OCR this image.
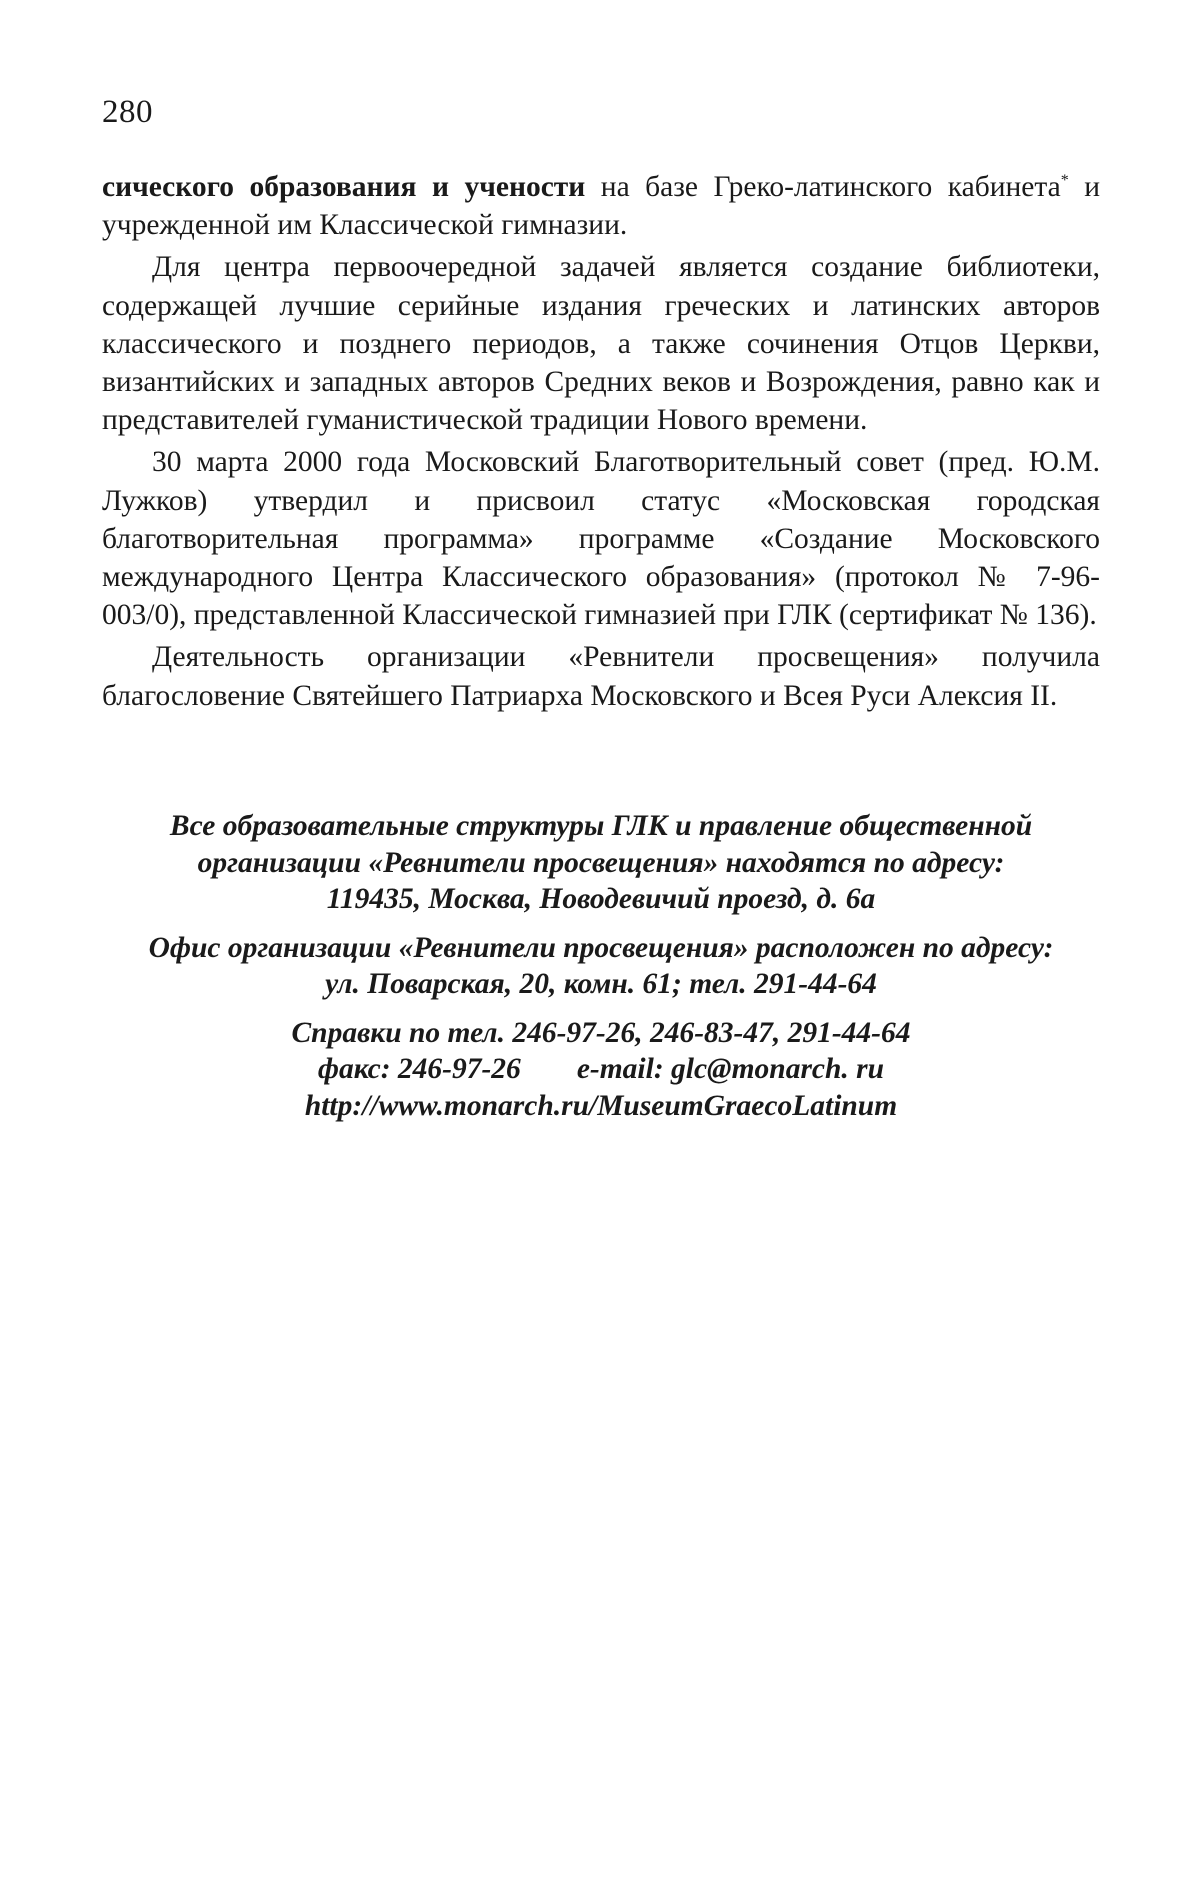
280

сического образования и учености на базе Греко-латинского кабинета* и учрежденной им Классической гимназии.

Для центра первоочередной задачей является создание библиотеки, содержащей лучшие серийные издания греческих и латинских авторов классического и позднего периодов, а также сочинения Отцов Церкви, византийских и западных авторов Средних веков и Возрождения, равно как и представителей гуманистической традиции Нового времени.

30 марта 2000 года Московский Благотворительный совет (пред. Ю.М. Лужков) утвердил и присвоил статус «Московская городская благотворительная программа» программе «Создание Московского международного Центра Классического образования» (протокол № 7-96-003/0), представленной Классической гимназией при ГЛК (сертификат № 136).

Деятельность организации «Ревнители просвещения» получила благословение Святейшего Патриарха Московского и Всея Руси Алексия II.

Все образовательные структуры ГЛК и правление общественной
организации «Ревнители просвещения» находятся по адресу:
119435, Москва, Новодевичий проезд, д. 6а
Офис организации «Ревнители просвещения» расположен по адресу:
ул. Поварская, 20, комн. 61; тел. 291-44-64
Справки по тел. 246-97-26, 246-83-47, 291-44-64
факс: 246-97-26 e-mail: glc@monarch. ru
http://www.monarch.ru/MuseumGraecoLatinum
